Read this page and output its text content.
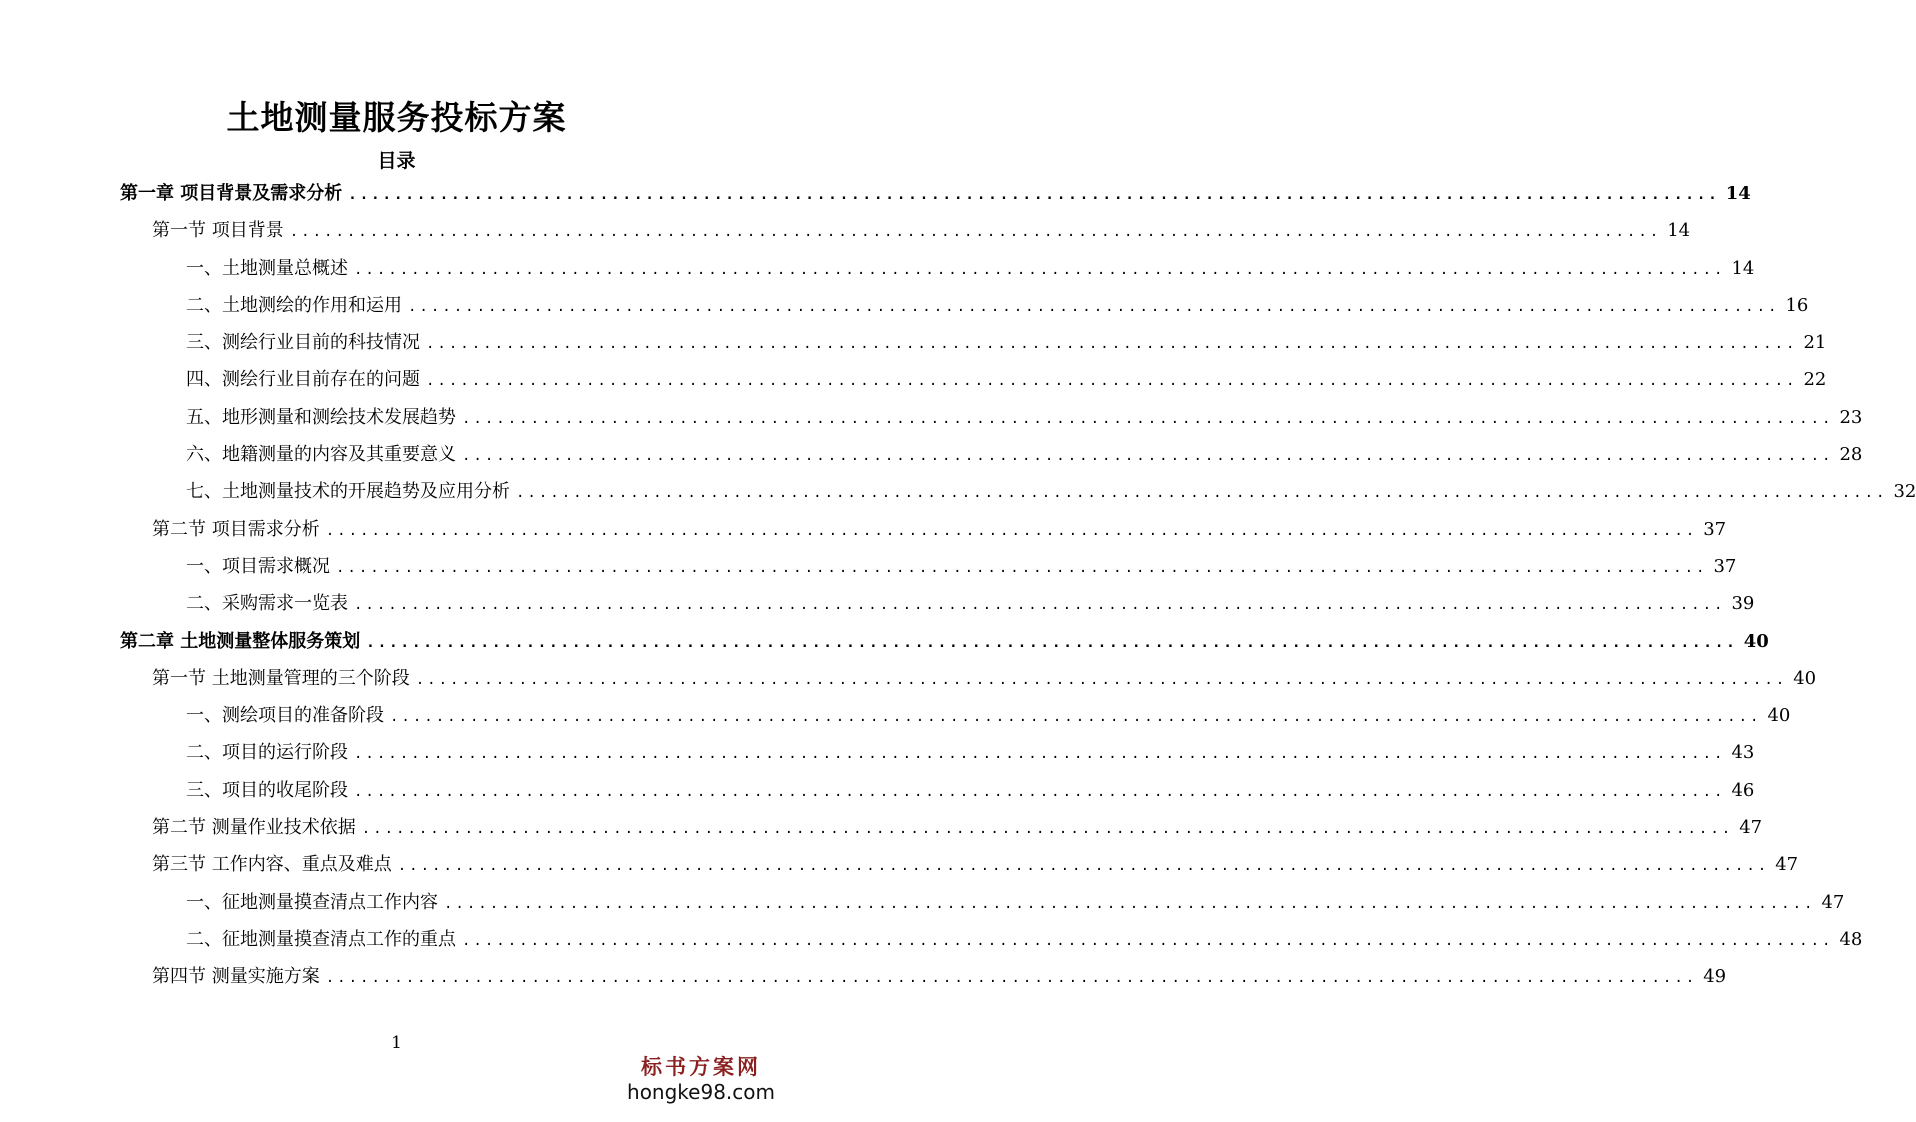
土地测量服务投标方案
目录
第一章 项目背景及需求分析 ........................................................................................................................ 14
第一节 项目背景 ........................................................................................................................ 14
一、土地测量总概述 ........................................................................................................................ 14
二、土地测绘的作用和运用 ........................................................................................................................ 16
三、测绘行业目前的科技情况 ........................................................................................................................ 21
四、测绘行业目前存在的问题 ........................................................................................................................ 22
五、地形测量和测绘技术发展趋势 ........................................................................................................................ 23
六、地籍测量的内容及其重要意义 ........................................................................................................................ 28
七、土地测量技术的开展趋势及应用分析 ........................................................................................................................ 32
第二节 项目需求分析 ........................................................................................................................ 37
一、项目需求概况 ........................................................................................................................ 37
二、采购需求一览表 ........................................................................................................................ 39
第二章 土地测量整体服务策划 ........................................................................................................................ 40
第一节 土地测量管理的三个阶段 ........................................................................................................................ 40
一、测绘项目的准备阶段 ........................................................................................................................ 40
二、项目的运行阶段 ........................................................................................................................ 43
三、项目的收尾阶段 ........................................................................................................................ 46
第二节 测量作业技术依据 ........................................................................................................................ 47
第三节 工作内容、重点及难点 ........................................................................................................................ 47
一、征地测量摸查清点工作内容 ........................................................................................................................ 47
二、征地测量摸查清点工作的重点 ........................................................................................................................ 48
第四节 测量实施方案 ........................................................................................................................ 49
1
标书方案网
hongke98.com
